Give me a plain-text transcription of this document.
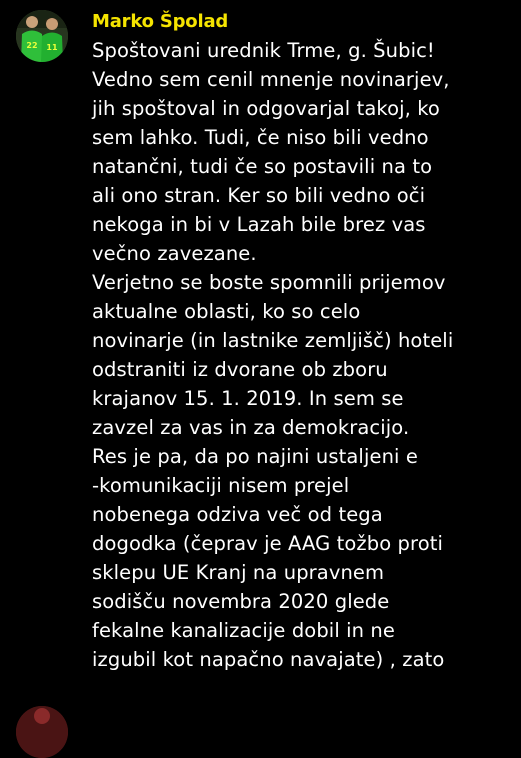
22 11
Marko Špolad
Spoštovani urednik Trme, g. Šubic!
Vedno sem cenil mnenje novinarjev,
jih spoštoval in odgovarjal takoj, ko
sem lahko. Tudi, če niso bili vedno
natančni, tudi če so postavili na to
ali ono stran. Ker so bili vedno oči
nekoga in bi v Lazah bile brez vas
večno zavezane.
Verjetno se boste spomnili prijemov
aktualne oblasti, ko so celo
novinarje (in lastnike zemljišč) hoteli
odstraniti iz dvorane ob zboru
krajanov 15. 1. 2019. In sem se
zavzel za vas in za demokracijo.
Res je pa, da po najini ustaljeni e
-komunikaciji nisem prejel
nobenega odziva več od tega
dogodka (čeprav je AAG tožbo proti
sklepu UE Kranj na upravnem
sodišču novembra 2020 glede
fekalne kanalizacije dobil in ne
izgubil kot napačno navajate) , zato
